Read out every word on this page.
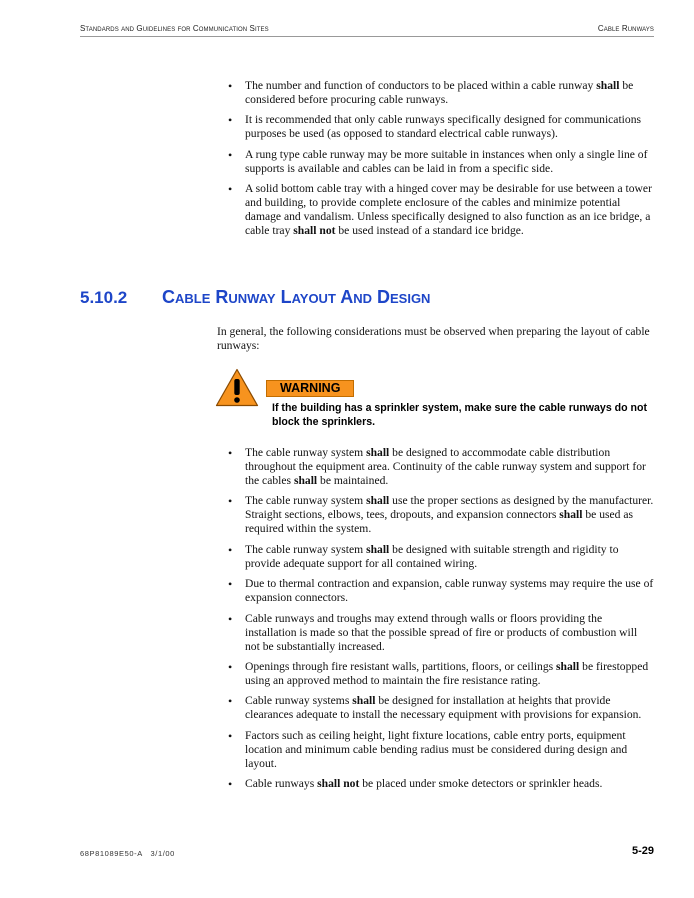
Standards and Guidelines for Communication Sites	Cable Runways
• The number and function of conductors to be placed within a cable runway shall be considered before procuring cable runways.
• It is recommended that only cable runways specifically designed for communications purposes be used (as opposed to standard electrical cable runways).
• A rung type cable runway may be more suitable in instances when only a single line of supports is available and cables can be laid in from a specific side.
• A solid bottom cable tray with a hinged cover may be desirable for use between a tower and building, to provide complete enclosure of the cables and minimize potential damage and vandalism. Unless specifically designed to also function as an ice bridge, a cable tray shall not be used instead of a standard ice bridge.
5.10.2 Cable Runway Layout And Design

In general, the following considerations must be observed when preparing the layout of cable runways:

WARNING

If the building has a sprinkler system, make sure the cable runways do not block the sprinklers.

• The cable runway system shall be designed to accommodate cable distribution throughout the equipment area. Continuity of the cable runway system and support for the cables shall be maintained.
• The cable runway system shall use the proper sections as designed by the manufacturer. Straight sections, elbows, tees, dropouts, and expansion connectors shall be used as required within the system.
• The cable runway system shall be designed with suitable strength and rigidity to provide adequate support for all contained wiring.
• Due to thermal contraction and expansion, cable runway systems may require the use of expansion connectors.
• Cable runways and troughs may extend through walls or floors providing the installation is made so that the possible spread of fire or products of combustion will not be substantially increased.
• Openings through fire resistant walls, partitions, floors, or ceilings shall be firestopped using an approved method to maintain the fire resistance rating.
• Cable runway systems shall be designed for installation at heights that provide clearances adequate to install the necessary equipment with provisions for expansion.
• Factors such as ceiling height, light fixture locations, cable entry ports, equipment location and minimum cable bending radius must be considered during design and layout.
• Cable runways shall not be placed under smoke detectors or sprinkler heads.
68P81089E50-A 3/1/00	5-29
